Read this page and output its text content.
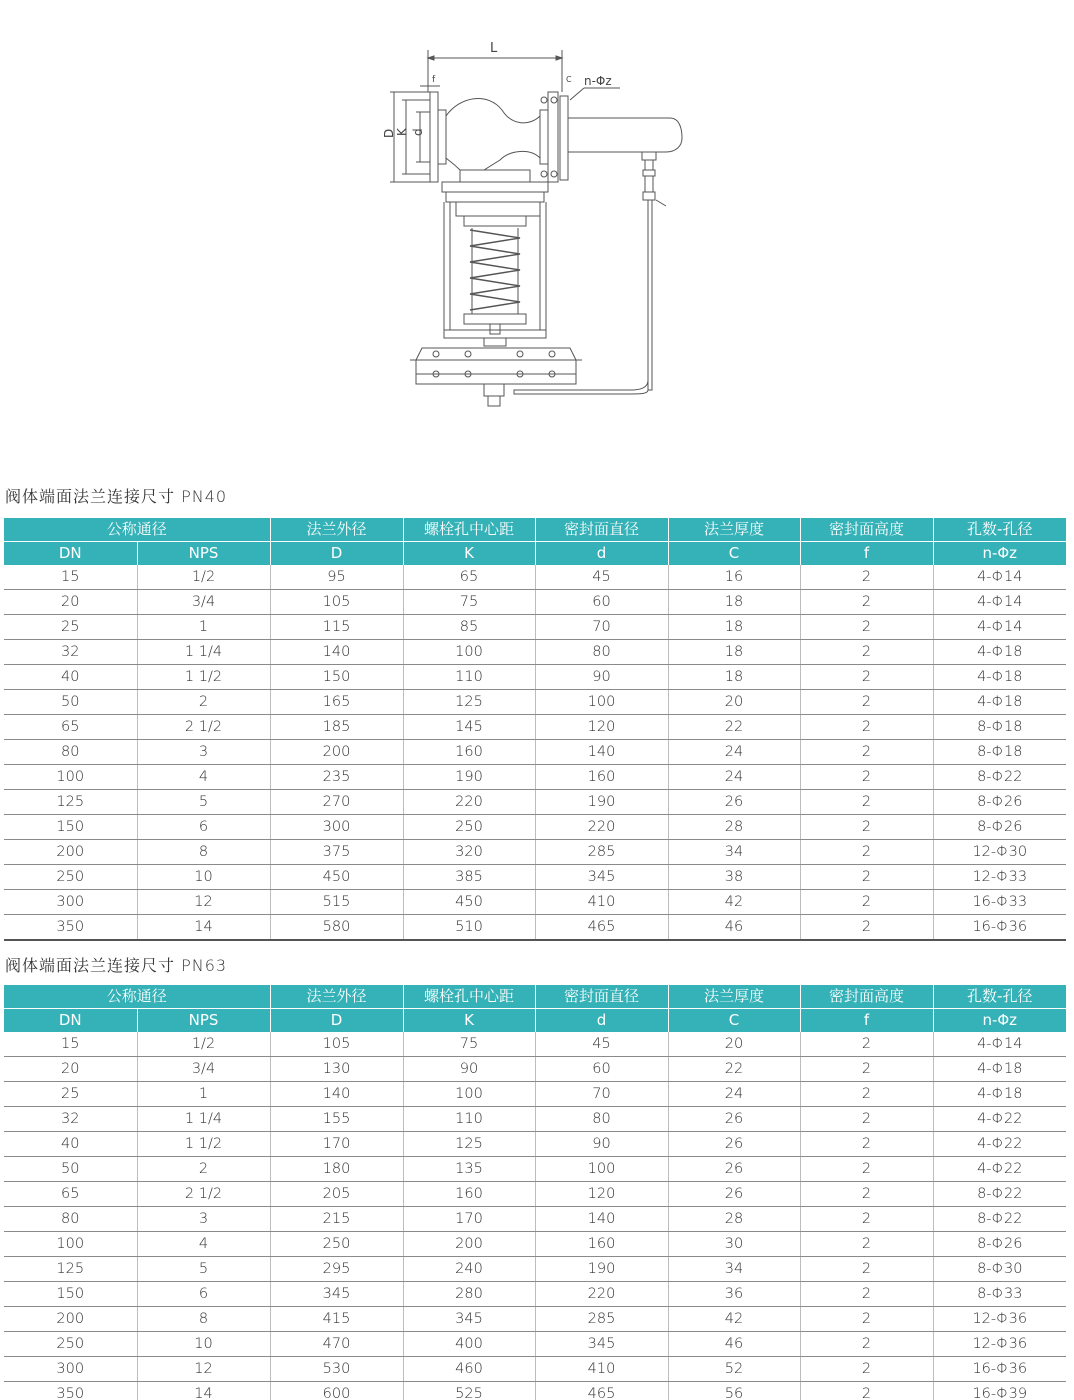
L
f	C n-Φz
D K d
阀体端面法兰连接尺寸 PN40
公称通径		法兰外径	螺栓孔中心距	密封面直径	法兰厚度	密封面高度	孔数-孔径
DN	NPS	D	K	d	C	f	n-Φz
15	1/2	95	65	45	16	2	4-Φ14
20	3/4	105	75	60	18	2	4-Φ14
25	1	115	85	70	18	2	4-Φ14
32	1 1/4	140	100	80	18	2	4-Φ18
40	1 1/2	150	110	90	18	2	4-Φ18
50	2	165	125	100	20	2	4-Φ18
65	2 1/2	185	145	120	22	2	8-Φ18
80	3	200	160	140	24	2	8-Φ18
100	4	235	190	160	24	2	8-Φ22
125	5	270	220	190	26	2	8-Φ26
150	6	300	250	220	28	2	8-Φ26
200	8	375	320	285	34	2	12-Φ30
250	10	450	385	345	38	2	12-Φ33
300	12	515	450	410	42	2	16-Φ33
350	14	580	510	465	46	2	16-Φ36
阀体端面法兰连接尺寸 PN63
公称通径		法兰外径	螺栓孔中心距	密封面直径	法兰厚度	密封面高度	孔数-孔径
DN	NPS	D	K	d	C	f	n-Φz
15	1/2	105	75	45	20	2	4-Φ14
20	3/4	130	90	60	22	2	4-Φ18
25	1	140	100	70	24	2	4-Φ18
32	1 1/4	155	110	80	26	2	4-Φ22
40	1 1/2	170	125	90	26	2	4-Φ22
50	2	180	135	100	26	2	4-Φ22
65	2 1/2	205	160	120	26	2	8-Φ22
80	3	215	170	140	28	2	8-Φ22
100	4	250	200	160	30	2	8-Φ26
125	5	295	240	190	34	2	8-Φ30
150	6	345	280	220	36	2	8-Φ33
200	8	415	345	285	42	2	12-Φ36
250	10	470	400	345	46	2	12-Φ36
300	12	530	460	410	52	2	16-Φ36
350	14	600	525	465	56	2	16-Φ39
